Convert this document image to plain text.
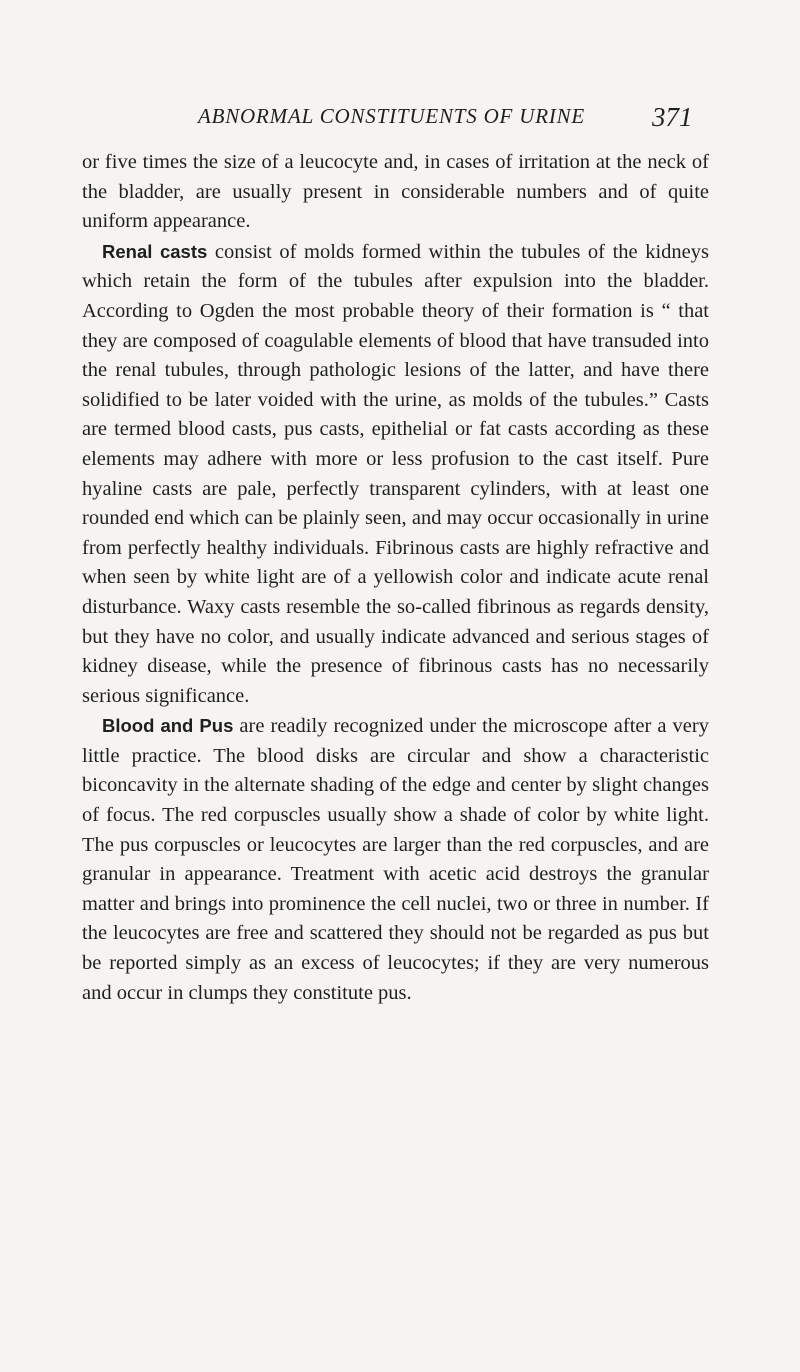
ABNORMAL CONSTITUENTS OF URINE 371

or five times the size of a leucocyte and, in cases of irritation at the neck of the bladder, are usually present in considerable numbers and of quite uniform appearance.

Renal casts consist of molds formed within the tubules of the kidneys which retain the form of the tubules after expulsion into the bladder. According to Ogden the most probable theory of their formation is “ that they are composed of coagulable elements of blood that have transuded into the renal tubules, through pathologic lesions of the latter, and have there solidified to be later voided with the urine, as molds of the tubules.” Casts are termed blood casts, pus casts, epithelial or fat casts according as these elements may adhere with more or less profusion to the cast itself. Pure hyaline casts are pale, perfectly transparent cylinders, with at least one rounded end which can be plainly seen, and may occur occasionally in urine from perfectly healthy individuals. Fibrinous casts are highly refractive and when seen by white light are of a yellowish color and indicate acute renal disturbance. Waxy casts resemble the so-called fibrinous as regards density, but they have no color, and usually indicate advanced and serious stages of kidney disease, while the presence of fibrinous casts has no necessarily serious significance.

Blood and Pus are readily recognized under the microscope after a very little practice. The blood disks are circular and show a characteristic biconcavity in the alternate shading of the edge and center by slight changes of focus. The red corpuscles usually show a shade of color by white light. The pus corpuscles or leucocytes are larger than the red corpuscles, and are granular in appearance. Treatment with acetic acid destroys the granular matter and brings into prominence the cell nuclei, two or three in number. If the leucocytes are free and scattered they should not be regarded as pus but be reported simply as an excess of leucocytes; if they are very numerous and occur in clumps they constitute pus.
